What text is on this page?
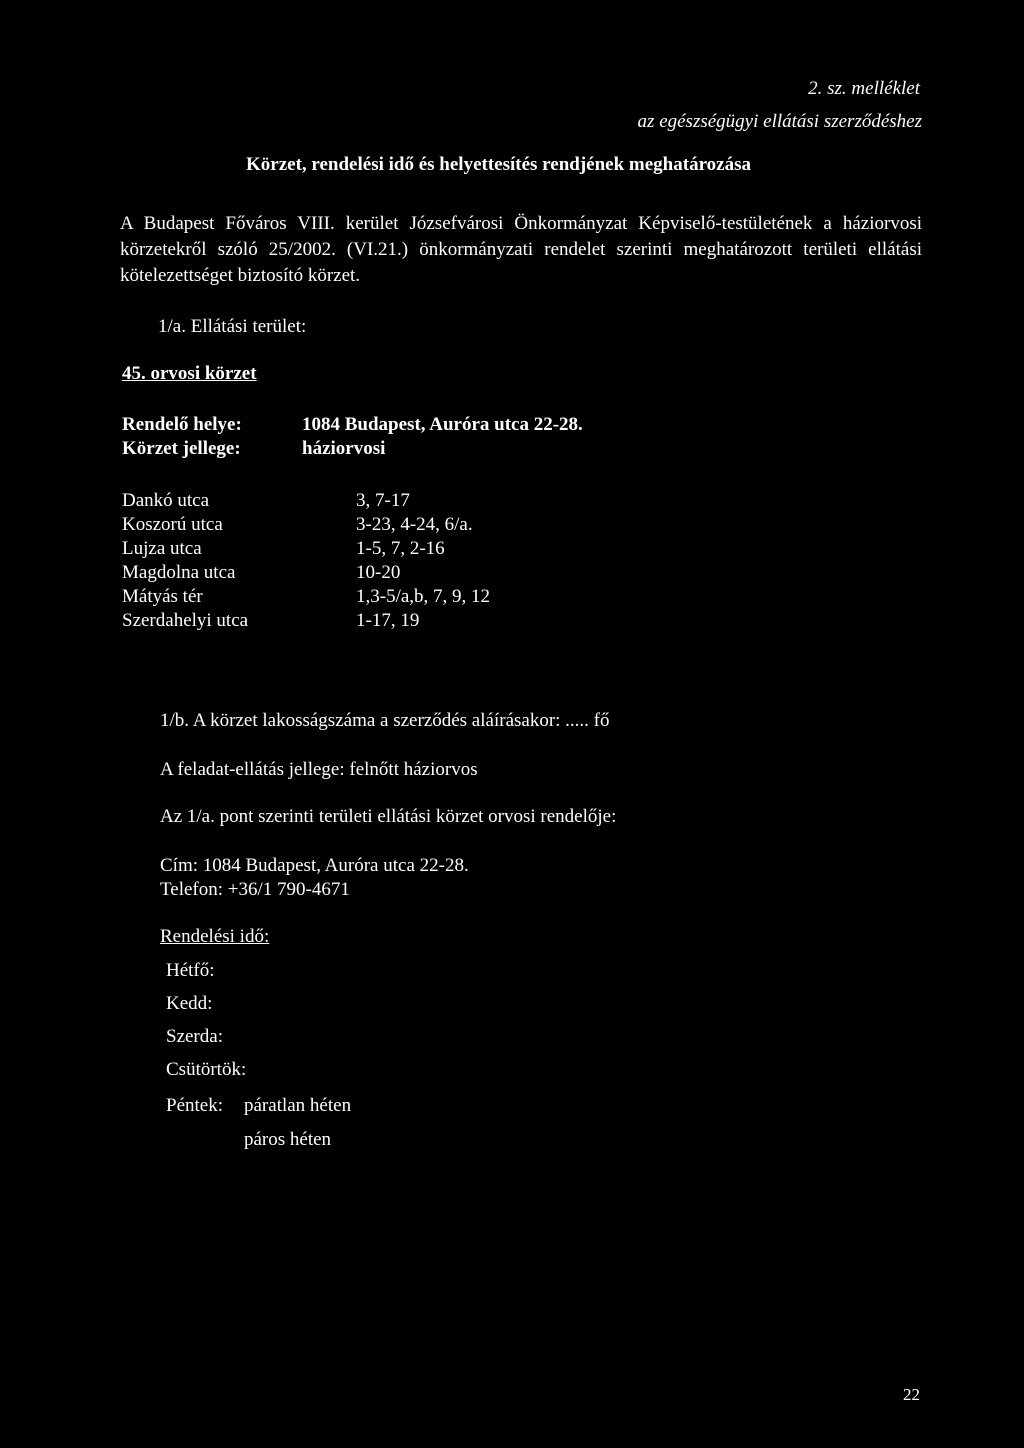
2. sz. melléklet
az egészségügyi ellátási szerződéshez
Körzet, rendelési idő és helyettesítés rendjének meghatározása

A Budapest Főváros VIII. kerület Józsefvárosi Önkormányzat Képviselő-testületének a háziorvosi körzetekről szóló 25/2002. (VI.21.) önkormányzati rendelet szerinti meghatározott területi ellátási kötelezettséget biztosító körzet.

1/a. Ellátási terület:
45. orvosi körzet
Rendelő helye:	1084 Budapest, Auróra utca 22-28.
Körzet jellege:	háziorvosi
Dankó utca	3, 7-17
Koszorú utca	3-23, 4-24, 6/a.
Lujza utca	1-5, 7, 2-16
Magdolna utca	10-20
Mátyás tér	1,3-5/a,b, 7, 9, 12
Szerdahelyi utca	1-17, 19
1/b. A körzet lakosságszáma a szerződés aláírásakor: ..... fő
A feladat-ellátás jellege: felnőtt háziorvos
Az 1/a. pont szerinti területi ellátási körzet orvosi rendelője:
Cím: 1084 Budapest, Auróra utca 22-28.
Telefon: +36/1 790-4671
Rendelési idő:
Hétfő:
Kedd:
Szerda:
Csütörtök:
Péntek: páratlan héten
páros héten
22
